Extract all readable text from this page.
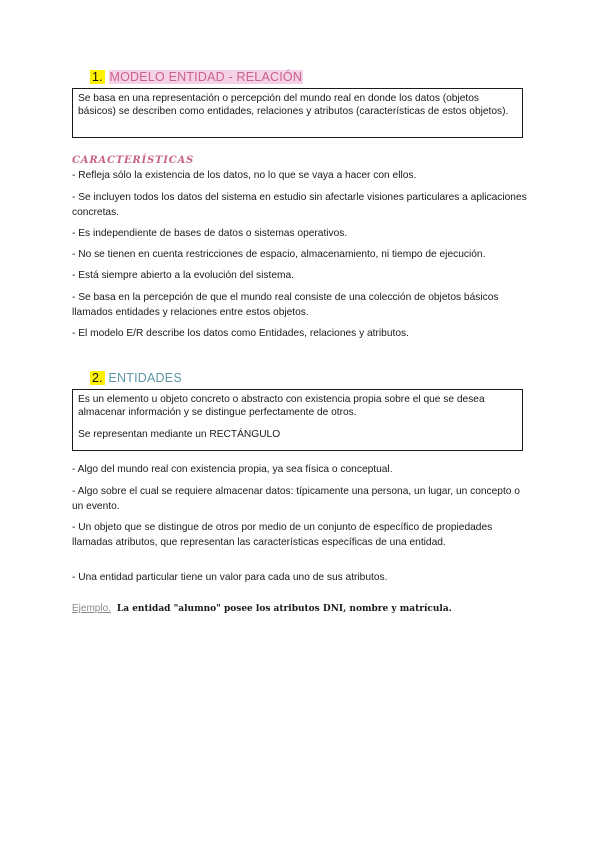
1. MODELO ENTIDAD - RELACIÓN
Se basa en una representación o percepción del mundo real en donde los datos (objetos básicos) se describen como entidades, relaciones y atributos (características de estos objetos).
CARACTERÍSTICAS
- Refleja sólo la existencia de los datos, no lo que se vaya a hacer con ellos.
- Se incluyen todos los datos del sistema en estudio sin afectarle visiones particulares a aplicaciones concretas.
- Es independiente de bases de datos o sistemas operativos.
- No se tienen en cuenta restricciones de espacio, almacenamiento, ni tiempo de ejecución.
- Está siempre abierto a la evolución del sistema.
- Se basa en la percepción de que el mundo real consiste de una colección de objetos básicos llamados entidades y relaciones entre estos objetos.
- El modelo E/R describe los datos como Entidades, relaciones y atributos.
2. ENTIDADES
Es un elemento u objeto concreto o abstracto con existencia propia sobre el que se desea almacenar información y se distingue perfectamente de otros.
Se representan mediante un RECTÁNGULO
- Algo del mundo real con existencia propia, ya sea física o conceptual.
- Algo sobre el cual se requiere almacenar datos: típicamente una persona, un lugar, un concepto o un evento.
- Un objeto que se distingue de otros por medio de un conjunto de específico de propiedades llamadas atributos, que representan las características específicas de una entidad.
- Una entidad particular tiene un valor para cada uno de sus atributos.
Ejemplo. La entidad "alumno" posee los atributos DNI, nombre y matrícula.
